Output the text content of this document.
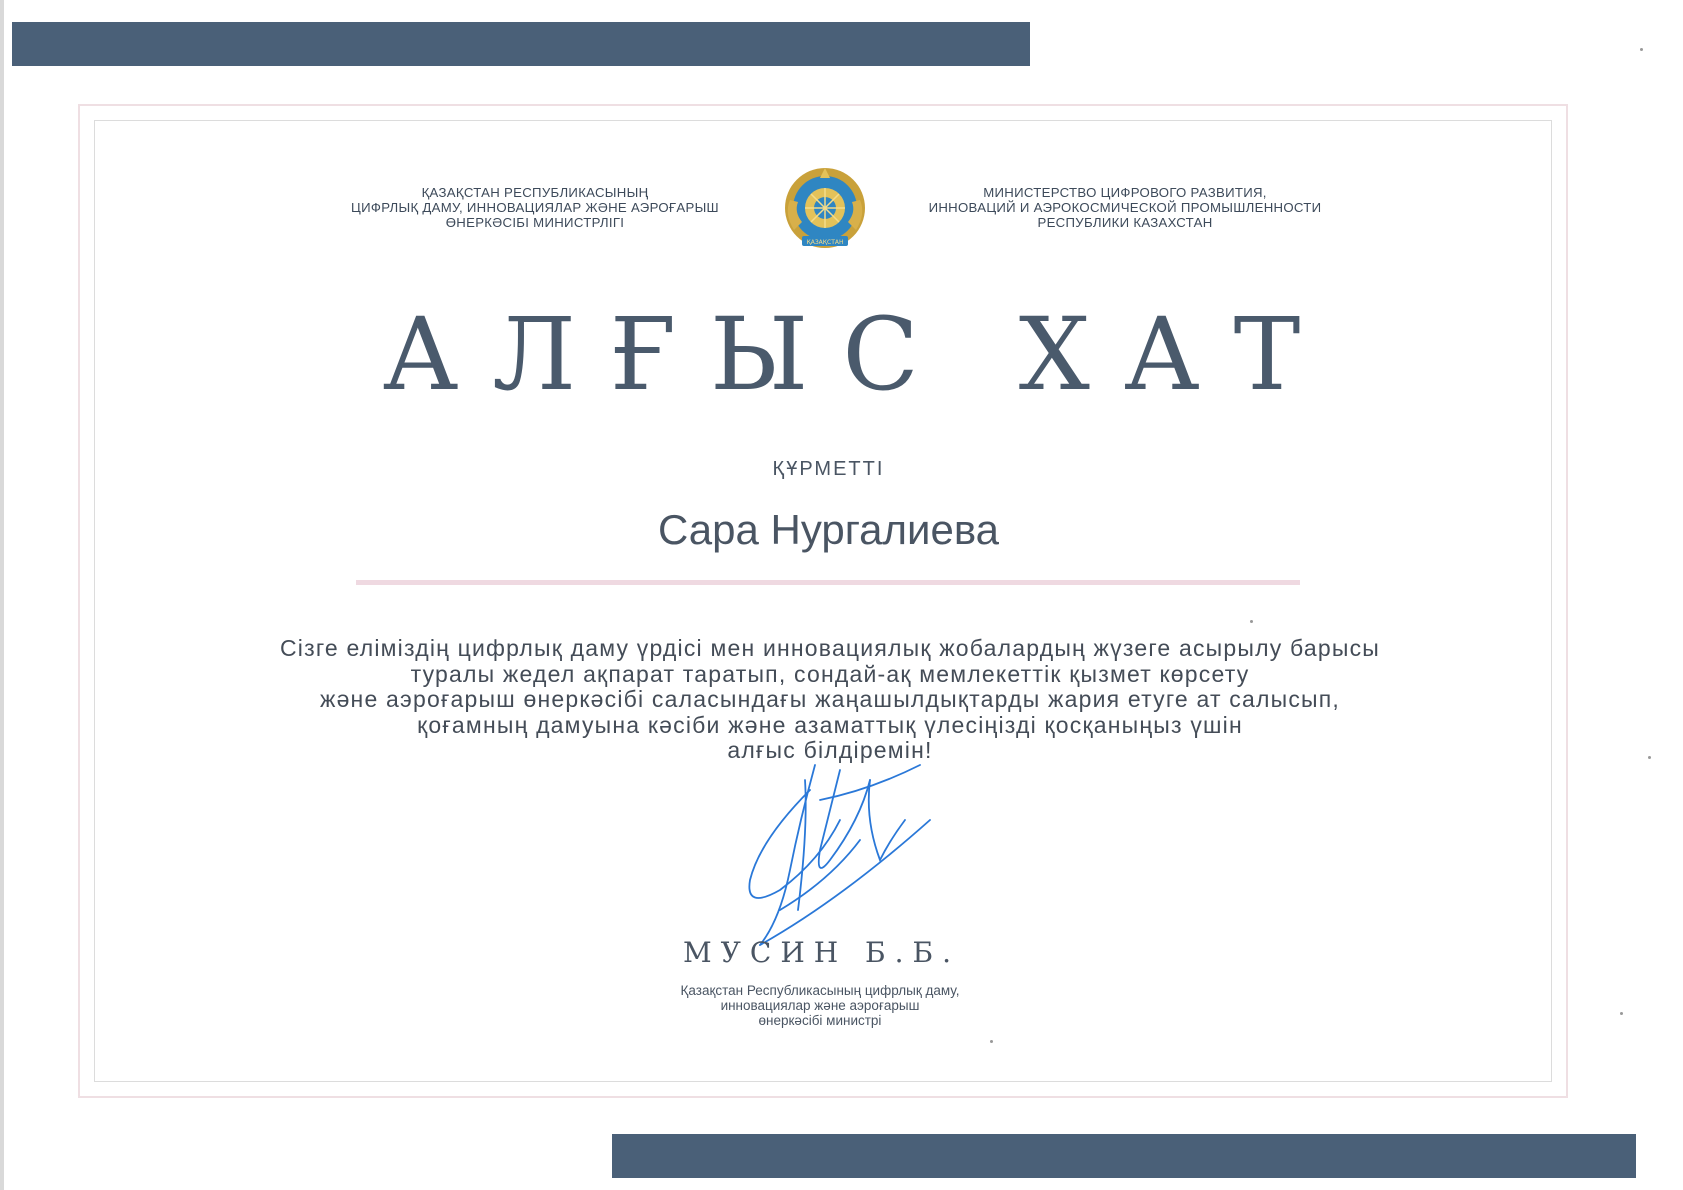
ҚАЗАҚСТАН РЕСПУБЛИКАСЫНЫҢ
ЦИФРЛЫҚ ДАМУ, ИННОВАЦИЯЛАР ЖӘНЕ АЭРОҒАРЫШ
ӨНЕРКӘСІБІ МИНИСТРЛІГІ
ҚАЗАҚСТАН
МИНИСТЕРСТВО ЦИФРОВОГО РАЗВИТИЯ,
ИННОВАЦИЙ И АЭРОКОСМИЧЕСКОЙ ПРОМЫШЛЕННОСТИ
РЕСПУБЛИКИ КАЗАХСТАН
АЛҒЫС ХАТ
ҚҰРМЕТТІ
Сара Нургалиева
Сізге еліміздің цифрлық даму үрдісі мен инновациялық жобалардың жүзеге асырылу барысы
туралы жедел ақпарат таратып, сондай-ақ мемлекеттік қызмет көрсету
және аэроғарыш өнеркәсібі саласындағы жаңашылдықтарды жария етуге ат салысып,
қоғамның дамуына кәсіби және азаматтық үлесіңізді қосқаныңыз үшін
алғыс білдіремін!
МУСИН Б.Б.
Қазақстан Республикасының цифрлық даму,
инновациялар және аэроғарыш
өнеркәсібі министрі
